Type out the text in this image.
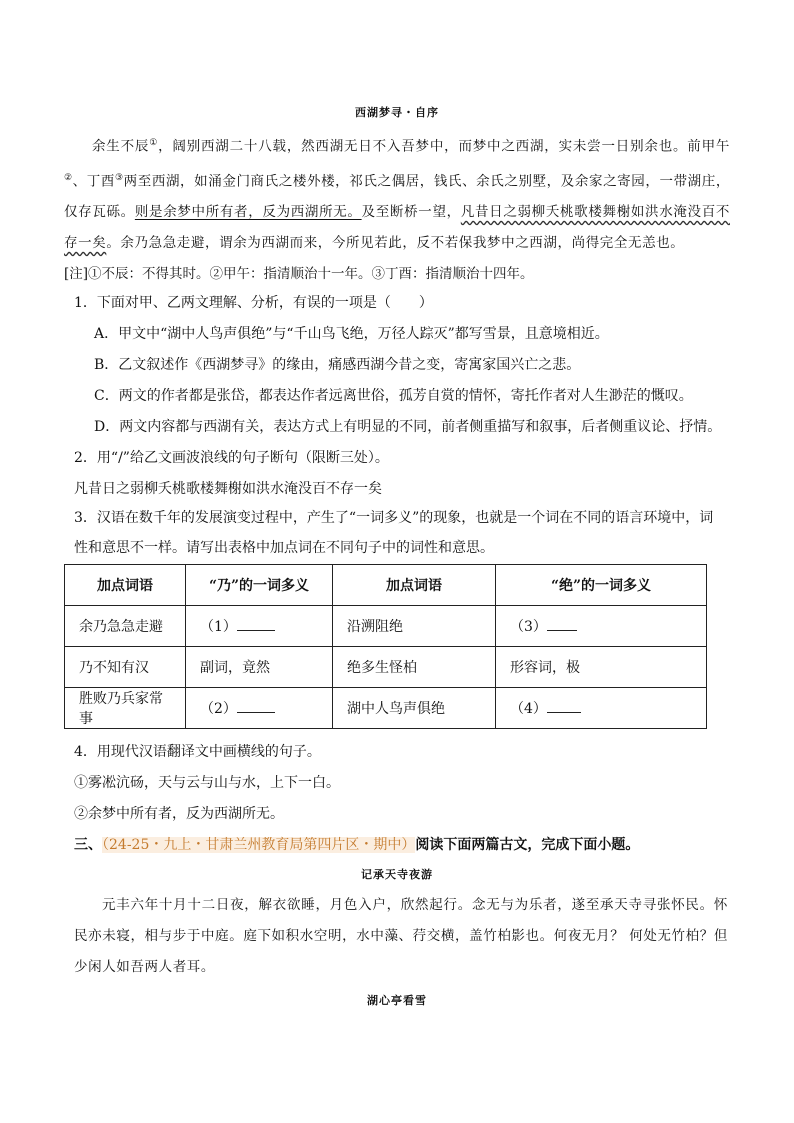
西湖梦寻・自序
余生不辰①，阔别西湖二十八载，然西湖无日不入吾梦中，而梦中之西湖，实未尝一日别余也。前甲午②、丁酉③两至西湖，如涌金门商氏之楼外楼，祁氏之偶居，钱氏、余氏之别墅，及余家之寄园，一带湖庄，仅存瓦砾。则是余梦中所有者，反为西湖所无。及至断桥一望，凡昔日之弱柳夭桃歌楼舞榭如洪水淹没百不存一矣。余乃急急走避，谓余为西湖而来，今所见若此，反不若保我梦中之西湖，尚得完全无恙也。
[注]①不辰：不得其时。②甲午：指清顺治十一年。③丁酉：指清顺治十四年。
1．下面对甲、乙两文理解、分析，有误的一项是（　　）
A．甲文中“湖中人鸟声俱绝”与“千山鸟飞绝，万径人踪灭”都写雪景，且意境相近。
B．乙文叙述作《西湖梦寻》的缘由，痛感西湖今昔之变，寄寓家国兴亡之悲。
C．两文的作者都是张岱，都表达作者远离世俗，孤芳自赏的情怀，寄托作者对人生渺茫的慨叹。
D．两文内容都与西湖有关，表达方式上有明显的不同，前者侧重描写和叙事，后者侧重议论、抒情。
2．用“/”给乙文画波浪线的句子断句（限断三处）。
凡昔日之弱柳夭桃歌楼舞榭如洪水淹没百不存一矣
3．汉语在数千年的发展演变过程中，产生了“一词多义”的现象，也就是一个词在不同的语言环境中，词性和意思不一样。请写出表格中加点词在不同句子中的词性和意思。
加点词语	“乃”的一词多义	加点词语	“绝”的一词多义
余乃急急走避	（1）	沿溯阻绝	（3）
乃不知有汉	副词，竟然	绝多生怪柏	形容词，极
胜败乃兵家常事	（2）	湖中人鸟声俱绝	（4）
4．用现代汉语翻译文中画横线的句子。
①雾凇沆砀，天与云与山与水，上下一白。
②余梦中所有者，反为西湖所无。
三、（24-25・九上・甘肃兰州教育局第四片区・期中）阅读下面两篇古文，完成下面小题。
记承天寺夜游
元丰六年十月十二日夜，解衣欲睡，月色入户，欣然起行。念无与为乐者，遂至承天寺寻张怀民。怀民亦未寝，相与步于中庭。庭下如积水空明，水中藻、荇交横，盖竹柏影也。何夜无月？ 何处无竹柏？但少闲人如吾两人者耳。
湖心亭看雪
